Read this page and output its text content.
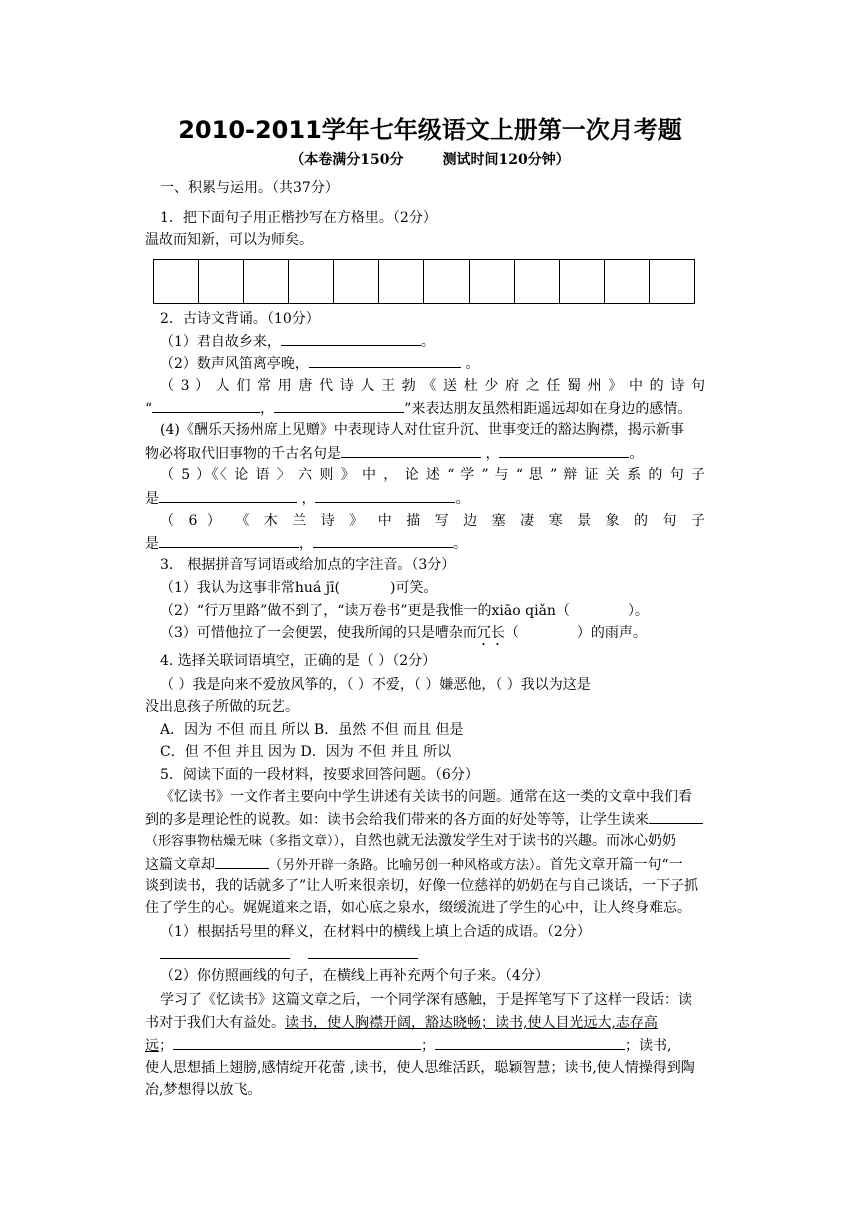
2010-2011学年七年级语文上册第一次月考题
（本卷满分150分        测试时间120分钟）
一、积累与运用。（共37分）
1．把下面句子用正楷抄写在方格里。（2分）
温故而知新，可以为师矣。
2．古诗文背诵。（10分）
（1）君自故乡来，	。
（2）数声风笛离亭晚，	。
（ 3 ） 人 们 常 用 唐 代 诗 人 王 勃 《 送 杜 少 府 之 任 蜀 州 》 中 的 诗 句
“	，	”来表达朋友虽然相距遥远却如在身边的感情。
(4)《酬乐天扬州席上见赠》中表现诗人对仕宦升沉、世事变迁的豁达胸襟，揭示新事
物必将取代旧事物的千古名句是	，	。
（ 5 ）《〈 论 语 〉 六 则 》 中 ， 论 述 “ 学 ” 与 “ 思 ” 辩 证 关 系 的 句 子
是	，	。
（ 6 ） 《 木 兰 诗 》 中 描 写 边 塞 凄 寒 景 象 的 句 子
是	，	。
3． 根据拼音写词语或给加点的字注音。（3分）
（1）我认为这事非常huá jī(	)可笑。
（2）“行万里路”做不到了，“读万卷书”更是我惟一的xiāo qiǎn（	）。
（3）可惜他拉了一会便罢，使我所闻的只是嘈杂而冗长（	）的雨声。
4. 选择关联词语填空，正确的是（ ）（2分）
（ ）我是向来不爱放风筝的，（ ）不爱，（ ）嫌恶他，（ ）我以为这是
没出息孩子所做的玩艺。
A．因为 不但 而且 所以 B．虽然 不但 而且 但是
C．但 不但 并且 因为 D．因为 不但 并且 所以
5．阅读下面的一段材料，按要求回答问题。（6分）
《忆读书》一文作者主要向中学生讲述有关读书的问题。通常在这一类的文章中我们看
到的多是理论性的说教。如：读书会给我们带来的各方面的好处等等，让学生读来
（形容事物枯燥无味（多指文章）），自然也就无法激发学生对于读书的兴趣。而冰心奶奶
这篇文章却	（另外开辟一条路。比喻另创一种风格或方法）。首先文章开篇一句“一
谈到读书，我的话就多了”让人听来很亲切，好像一位慈祥的奶奶在与自己谈话，一下子抓
住了学生的心。娓娓道来之语，如心底之泉水，缀缓流进了学生的心中，让人终身难忘。
（1）根据括号里的释义，在材料中的横线上填上合适的成语。（2分）

（2）你仿照画线的句子，在横线上再补充两个句子来。（4分）
学习了《忆读书》这篇文章之后，一个同学深有感触，于是挥笔写下了这样一段话：读
书对于我们大有益处。读书，使人胸襟开阔，豁达晓畅；读书,使人目光远大,志存高
远；	；	；读书,
使人思想插上翅膀,感情绽开花蕾 ,读书，使人思维活跃，聪颖智慧；读书,使人情操得到陶
冶,梦想得以放飞。
